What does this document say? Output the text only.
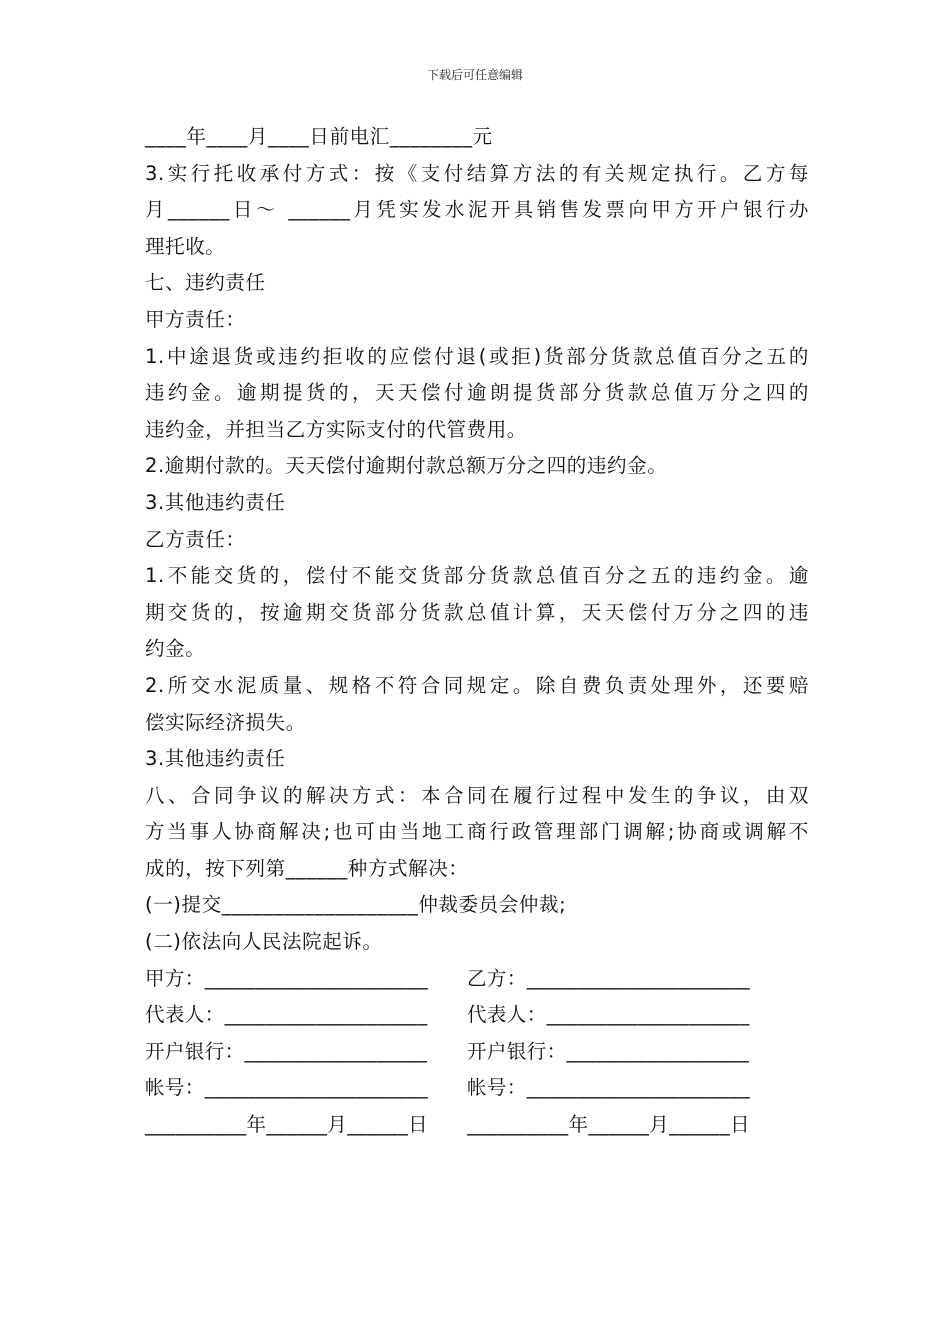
下载后可任意编辑
____年____月____日前电汇________元
3.实行托收承付方式：按《支付结算方法的有关规定执行。乙方每
月______日～ ______月凭实发水泥开具销售发票向甲方开户银行办
理托收。
七、违约责任
甲方责任：
1.中途退货或违约拒收的应偿付退(或拒)货部分货款总值百分之五的
违约金。逾期提货的，天天偿付逾朗提货部分货款总值万分之四的
违约金，并担当乙方实际支付的代管费用。
2.逾期付款的。天天偿付逾期付款总额万分之四的违约金。
3.其他违约责任
乙方责任：
1.不能交货的，偿付不能交货部分货款总值百分之五的违约金。逾
期交货的，按逾期交货部分货款总值计算，天天偿付万分之四的违
约金。
2.所交水泥质量、规格不符合同规定。除自费负责处理外，还要赔
偿实际经济损失。
3.其他违约责任
八、合同争议的解决方式：本合同在履行过程中发生的争议，由双
方当事人协商解决;也可由当地工商行政管理部门调解;协商或调解不
成的，按下列第______种方式解决：
(一)提交___________________仲裁委员会仲裁;
(二)依法向人民法院起诉。
甲方：______________________	乙方：______________________
代表人：____________________	代表人：____________________
开户银行：__________________	开户银行：__________________
帐号：______________________	帐号：______________________
__________年______月______日	__________年______月______日
